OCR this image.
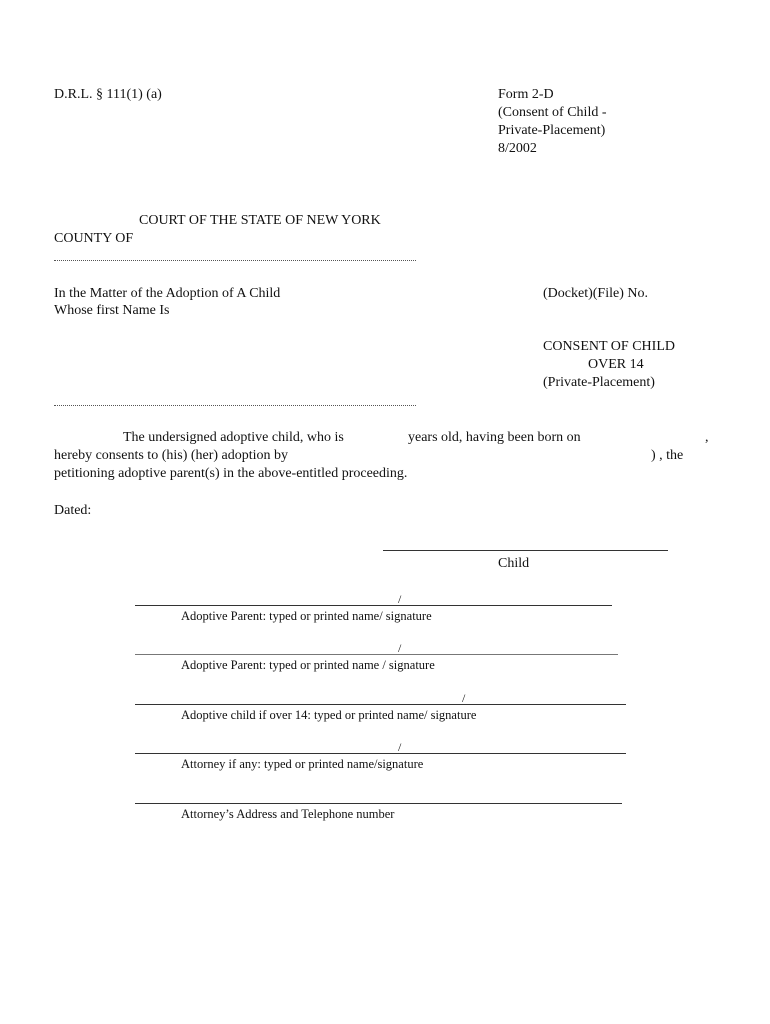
D.R.L. § 111(1) (a)	Form 2-D
(Consent of Child -
Private-Placement)
8/2002
COURT OF THE STATE OF NEW YORK
COUNTY OF
In the Matter of the Adoption of A Child
Whose first Name Is
(Docket)(File) No.
CONSENT OF CHILD
OVER 14
(Private-Placement)
The undersigned adoptive child, who is	years old, having been born on	,
hereby consents to (his) (her) adoption by	) , the
petitioning adoptive parent(s) in the above-entitled proceeding.
Dated:
Child
/
Adoptive Parent: typed or printed name/ signature
/
Adoptive Parent: typed or printed name / signature
/
Adoptive child if over 14: typed or printed name/ signature
/
Attorney if any: typed or printed name/signature
Attorney’s Address and Telephone number
